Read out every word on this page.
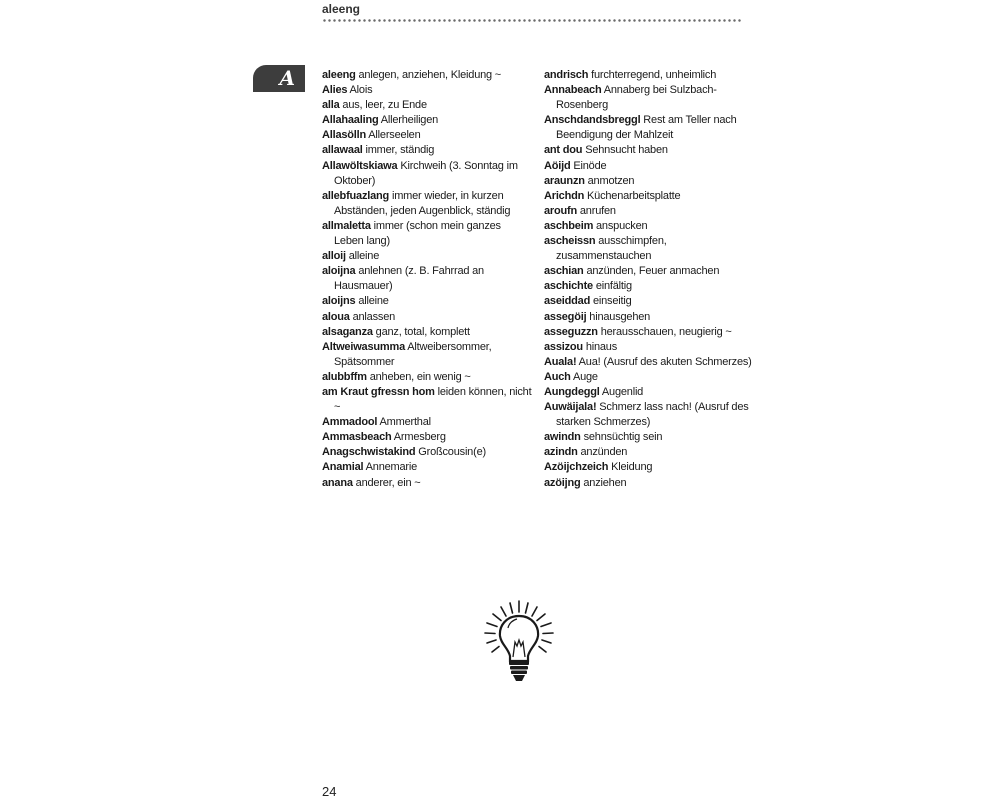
aleeng
A	aleeng anlegen, anziehen, Kleidung ~
Alies Alois
alla aus, leer, zu Ende
Allahaaling Allerheiligen
Allasölln Allerseelen
allawaal immer, ständig
Allawöltskiawa Kirchweih (3. Sonntag im Oktober)
allebfuazlang immer wieder, in kurzen Abständen, jeden Augenblick, ständig
allmaletta immer (schon mein ganzes Leben lang)
alloij alleine
aloijna anlehnen (z. B. Fahrrad an Hausmauer)
aloijns alleine
aloua anlassen
alsaganza ganz, total, komplett
Altweiwasumma Altweibersommer, Spätsommer
alubbffm anheben, ein wenig ~
am Kraut gfressn hom leiden können, nicht ~
Ammadool Ammerthal
Ammasbeach Armesberg
Anagschwistakind Großcousin(e)
Anamial Annemarie
anana anderer, ein ~
andrisch furchterregend, unheimlich
Annabeach Annaberg bei Sulzbach-Rosenberg
Anschdandsbreggl Rest am Teller nach Beendigung der Mahlzeit
ant dou Sehnsucht haben
Aöijd Einöde
araunzn anmotzen
Arichdn Küchenarbeitsplatte
aroufn anrufen
aschbeim anspucken
ascheissn ausschimpfen, zusammenstauchen
aschian anzünden, Feuer anmachen
aschichte einfältig
aseiddad einseitig
assegöij hinausgehen
asseguzzn herausschauen, neugierig ~
assizou hinaus
Auala! Aua! (Ausruf des akuten Schmerzes)
Auch Auge
Aungdeggl Augenlid
Auwäijala! Schmerz lass nach! (Ausruf des starken Schmerzes)
awindn sehnsüchtig sein
azindn anzünden
Azöijchzeich Kleidung
azöijng anziehen
24
